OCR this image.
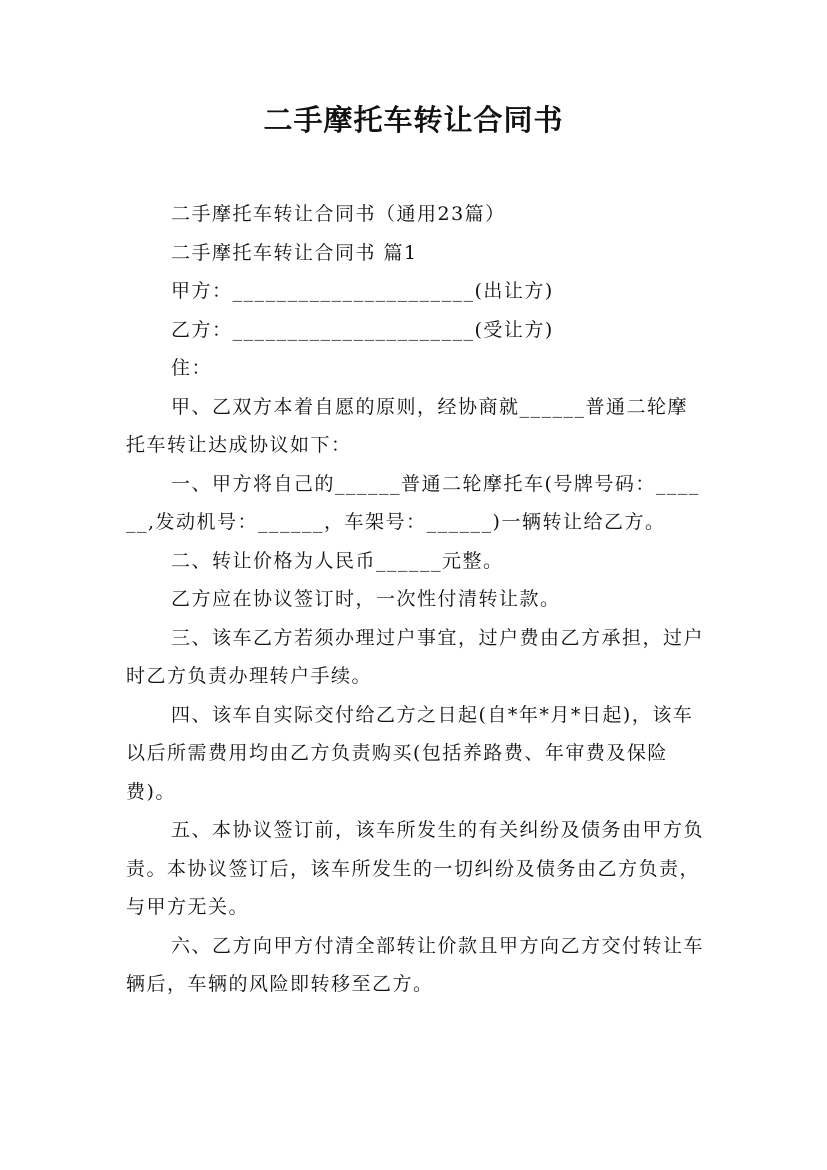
二手摩托车转让合同书

二手摩托车转让合同书（通用23篇）

二手摩托车转让合同书 篇1

甲方：______________________(出让方)

乙方：______________________(受让方)

住：

甲、乙双方本着自愿的原则，经协商就______普通二轮摩托车转让达成协议如下：

一、甲方将自己的______普通二轮摩托车(号牌号码：______,发动机号：______，车架号：______)一辆转让给乙方。

二、转让价格为人民币______元整。

乙方应在协议签订时，一次性付清转让款。

三、该车乙方若须办理过户事宜，过户费由乙方承担，过户时乙方负责办理转户手续。

四、该车自实际交付给乙方之日起(自*年*月*日起)，该车以后所需费用均由乙方负责购买(包括养路费、年审费及保险费)。

五、本协议签订前，该车所发生的有关纠纷及债务由甲方负责。本协议签订后，该车所发生的一切纠纷及债务由乙方负责，与甲方无关。

六、乙方向甲方付清全部转让价款且甲方向乙方交付转让车辆后，车辆的风险即转移至乙方。
